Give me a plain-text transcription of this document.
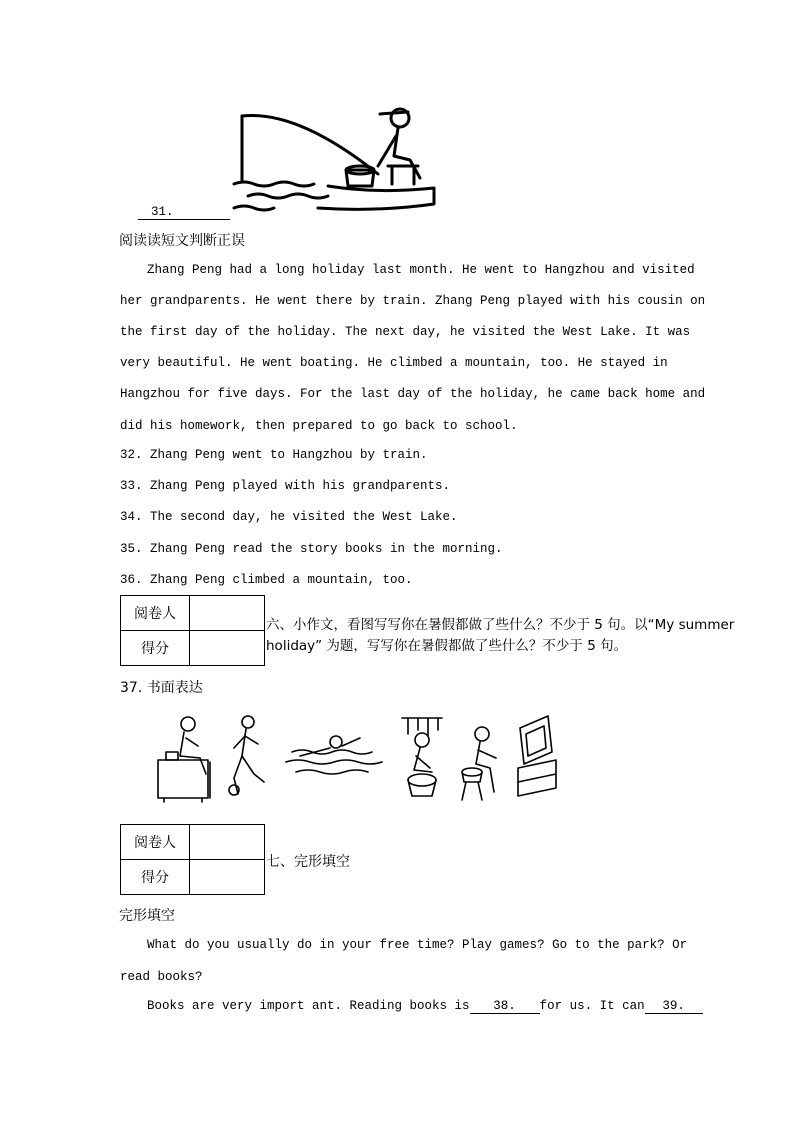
31.
阅读读短文判断正误
Zhang Peng had a long holiday last month. He went to Hangzhou and visited
her grandparents. He went there by train. Zhang Peng played with his cousin on
the first day of the holiday. The next day, he visited the West Lake. It was
very beautiful. He went boating. He climbed a mountain, too. He stayed in
Hangzhou for five days. For the last day of the holiday, he came back home and
did his homework, then prepared to go back to school.
32. Zhang Peng went to Hangzhou by train.
33. Zhang Peng played with his grandparents.
34. The second day, he visited the West Lake.
35. Zhang Peng read the story books in the morning.
36. Zhang Peng climbed a mountain, too.
阅卷人	
得分	
六、小作文，看图写写你在暑假都做了些什么？不少于 5 句。以“My summer
holiday” 为题，写写你在暑假都做了些什么？不少于 5 句。
37. 书面表达
阅卷人	
得分	
七、完形填空
完形填空
What do you usually do in your free time? Play games? Go to the park? Or
read books?
Books are very import ant. Reading books is 38. for us. It can 39.
